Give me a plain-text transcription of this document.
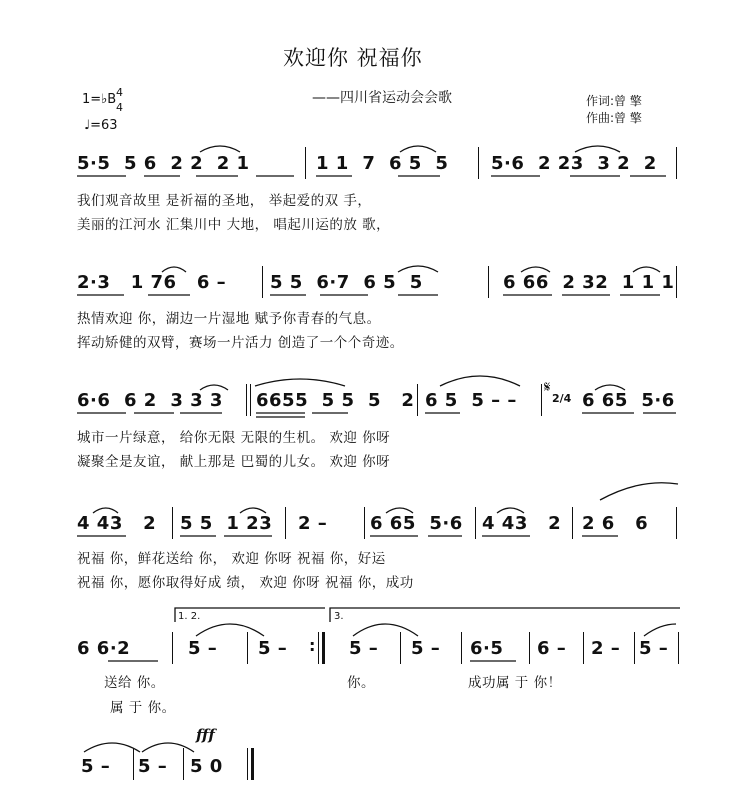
欢迎你 祝福你
——四川省运动会会歌	作词:曾 擎
作曲:曾 擎
1=♭B 4
4
♩=63
5·5 5 6 2 2 2 1	1 1 7 6 5 5 5·6 2 23 3 2 2
我们观音故里 是祈福的圣地， 举起爱的双 手，
美丽的江河水 汇集川中 大地， 唱起川运的放 歌，
2·3 1 76 6 – 5 5 6·7 6 5 5	6 66 2 32 1 1 1
热情欢迎 你，湖边一片湿地 赋予你青春的气息。
挥动矫健的双臂，赛场一片活力 创造了一个个奇迹。
6·6 6 2 3 3 3 6655 5 5 5 2 6 5 5 – –
𝄋
2/4 6 65 5·6
城市一片绿意， 给你无限 无限的生机。 欢迎 你呀
凝聚全是友谊， 献上那是 巴蜀的儿女。 欢迎 你呀
4 43 2 5 5 1 23 2 – 6 65 5·6 4 43 2 2 6 6
祝福 你，鲜花送给 你， 欢迎 你呀 祝福 你，好运
祝福 你，愿你取得好成 绩， 欢迎 你呀 祝福 你，成功
1. 2.	3.
6 6·2	5 – 5 – : 5 – 5 – 6·5 6 – 2 – 5 –
送给 你。	你。	成功属 于 你！
属 于 你。
fff
5 – 5 – 5 0
